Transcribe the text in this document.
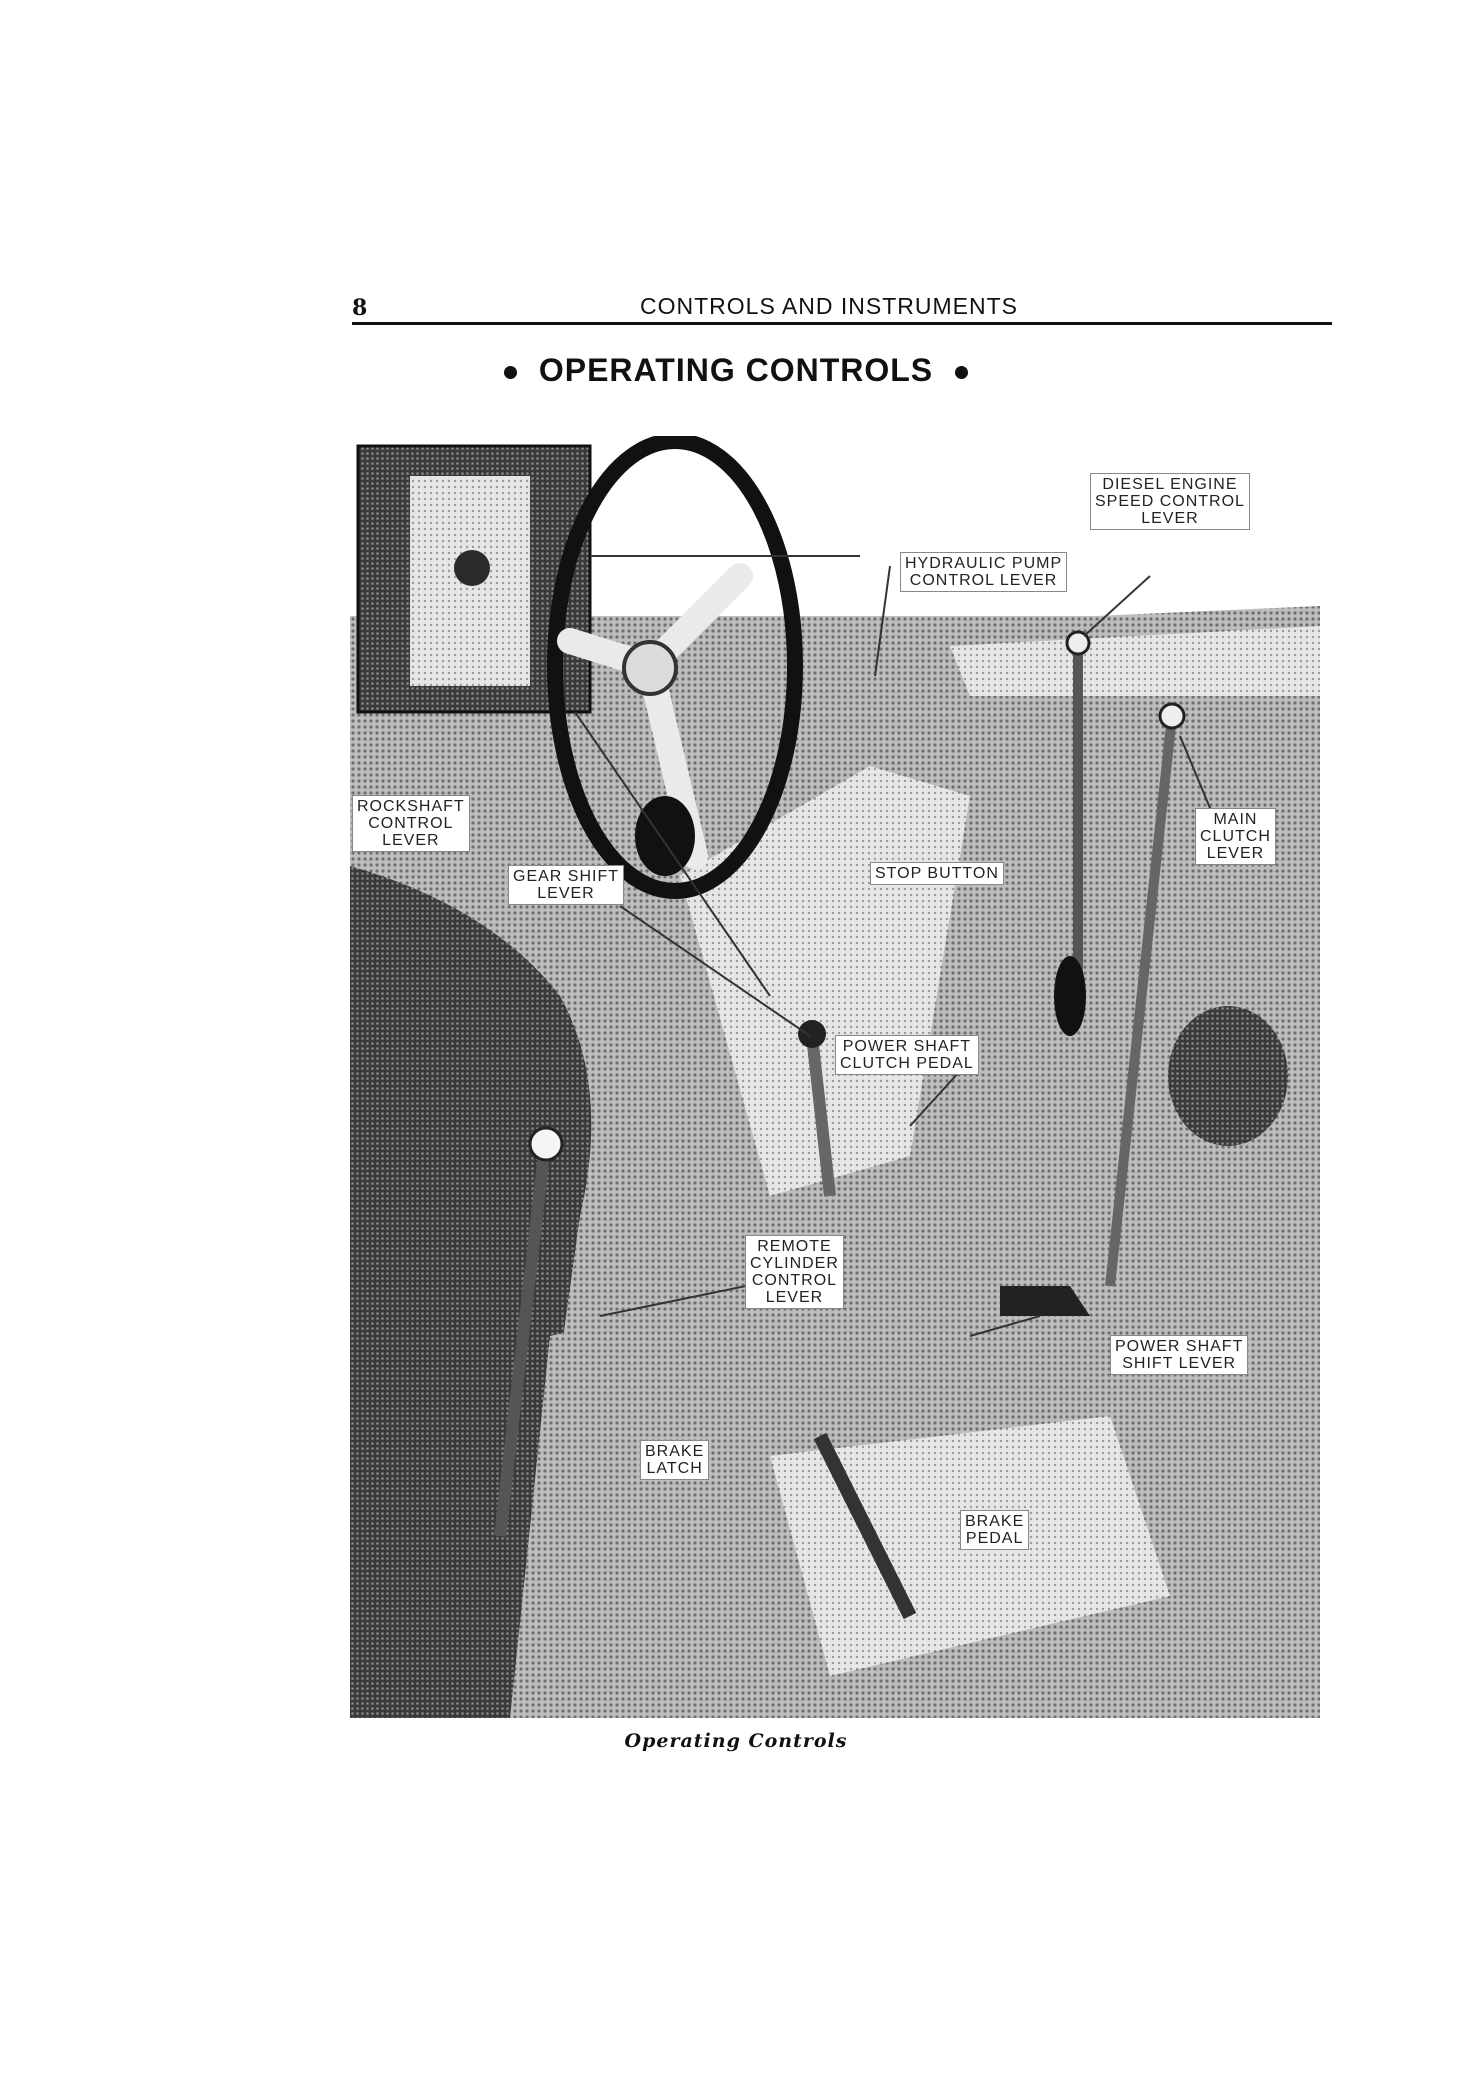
8	CONTROLS AND INSTRUMENTS
OPERATING CONTROLS
DIESEL ENGINE
SPEED CONTROL
LEVER
HYDRAULIC PUMP
CONTROL LEVER
ROCKSHAFT
CONTROL
LEVER
GEAR SHIFT
LEVER
STOP BUTTON
MAIN
CLUTCH
LEVER
POWER SHAFT
CLUTCH PEDAL
REMOTE
CYLINDER
CONTROL
LEVER
POWER SHAFT
SHIFT LEVER
BRAKE
LATCH
BRAKE
PEDAL
Operating Controls
